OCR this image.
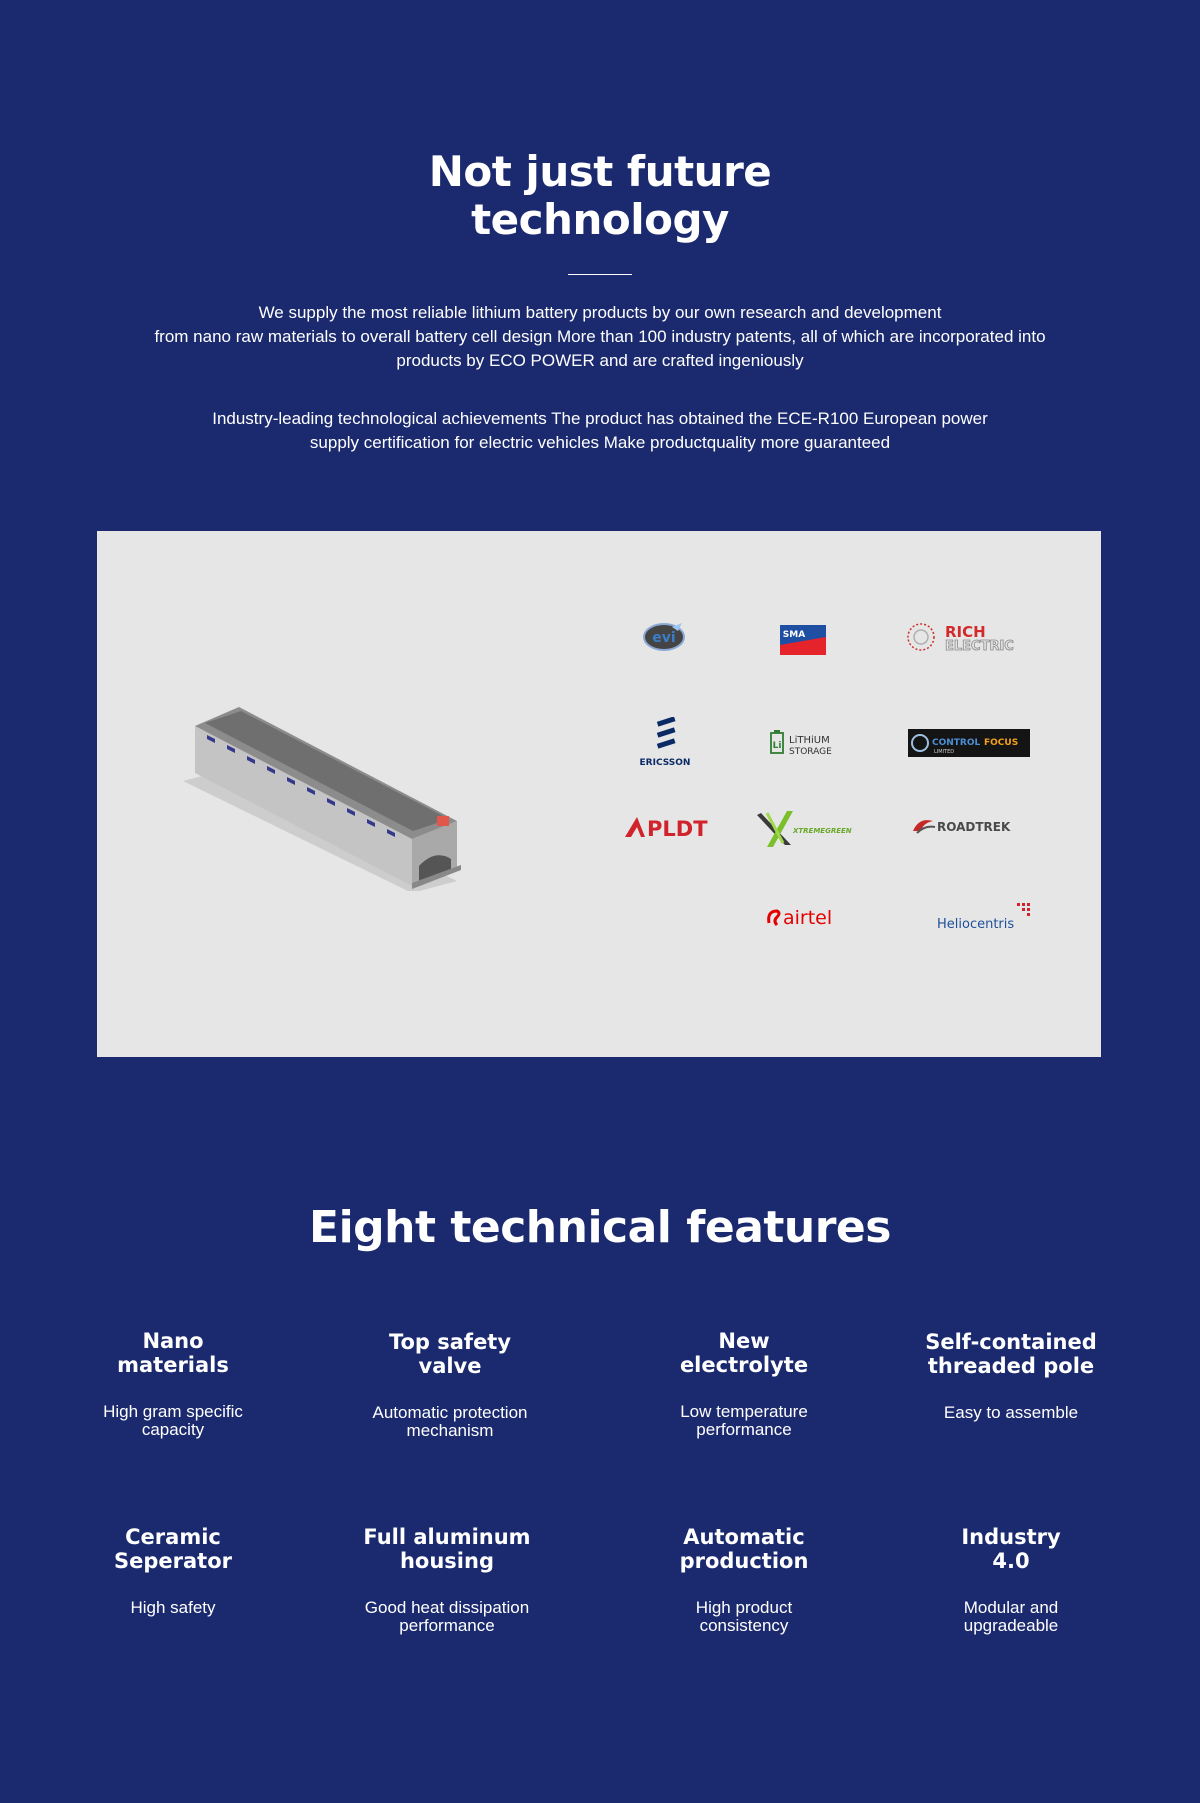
Not just future
technology

We supply the most reliable lithium battery products by our own research and development
from nano raw materials to overall battery cell design More than 100 industry patents, all of which are incorporated into
products by ECO POWER and are crafted ingeniously

Industry-leading technological achievements The product has obtained the ECE-R100 European power
supply certification for electric vehicles Make productquality more guaranteed

evi	SMA	RICH
ELECTRIC
ERICSSON
Li LiTHiUM
STORAGE
CONTROL FOCUS
LIMITED
PLDT	XTREMEGREEN	ROADTREK
airtel	Heliocentris
Eight technical features
Nano
materials
High gram specific
capacity
Top safety
valve
Automatic protection
mechanism
New
electrolyte
Low temperature
performance
Self-contained
threaded pole
Easy to assemble
Ceramic
Seperator
High safety
Full aluminum
housing
Good heat dissipation
performance
Automatic
production
High product
consistency
Industry
4.0
Modular and
upgradeable
